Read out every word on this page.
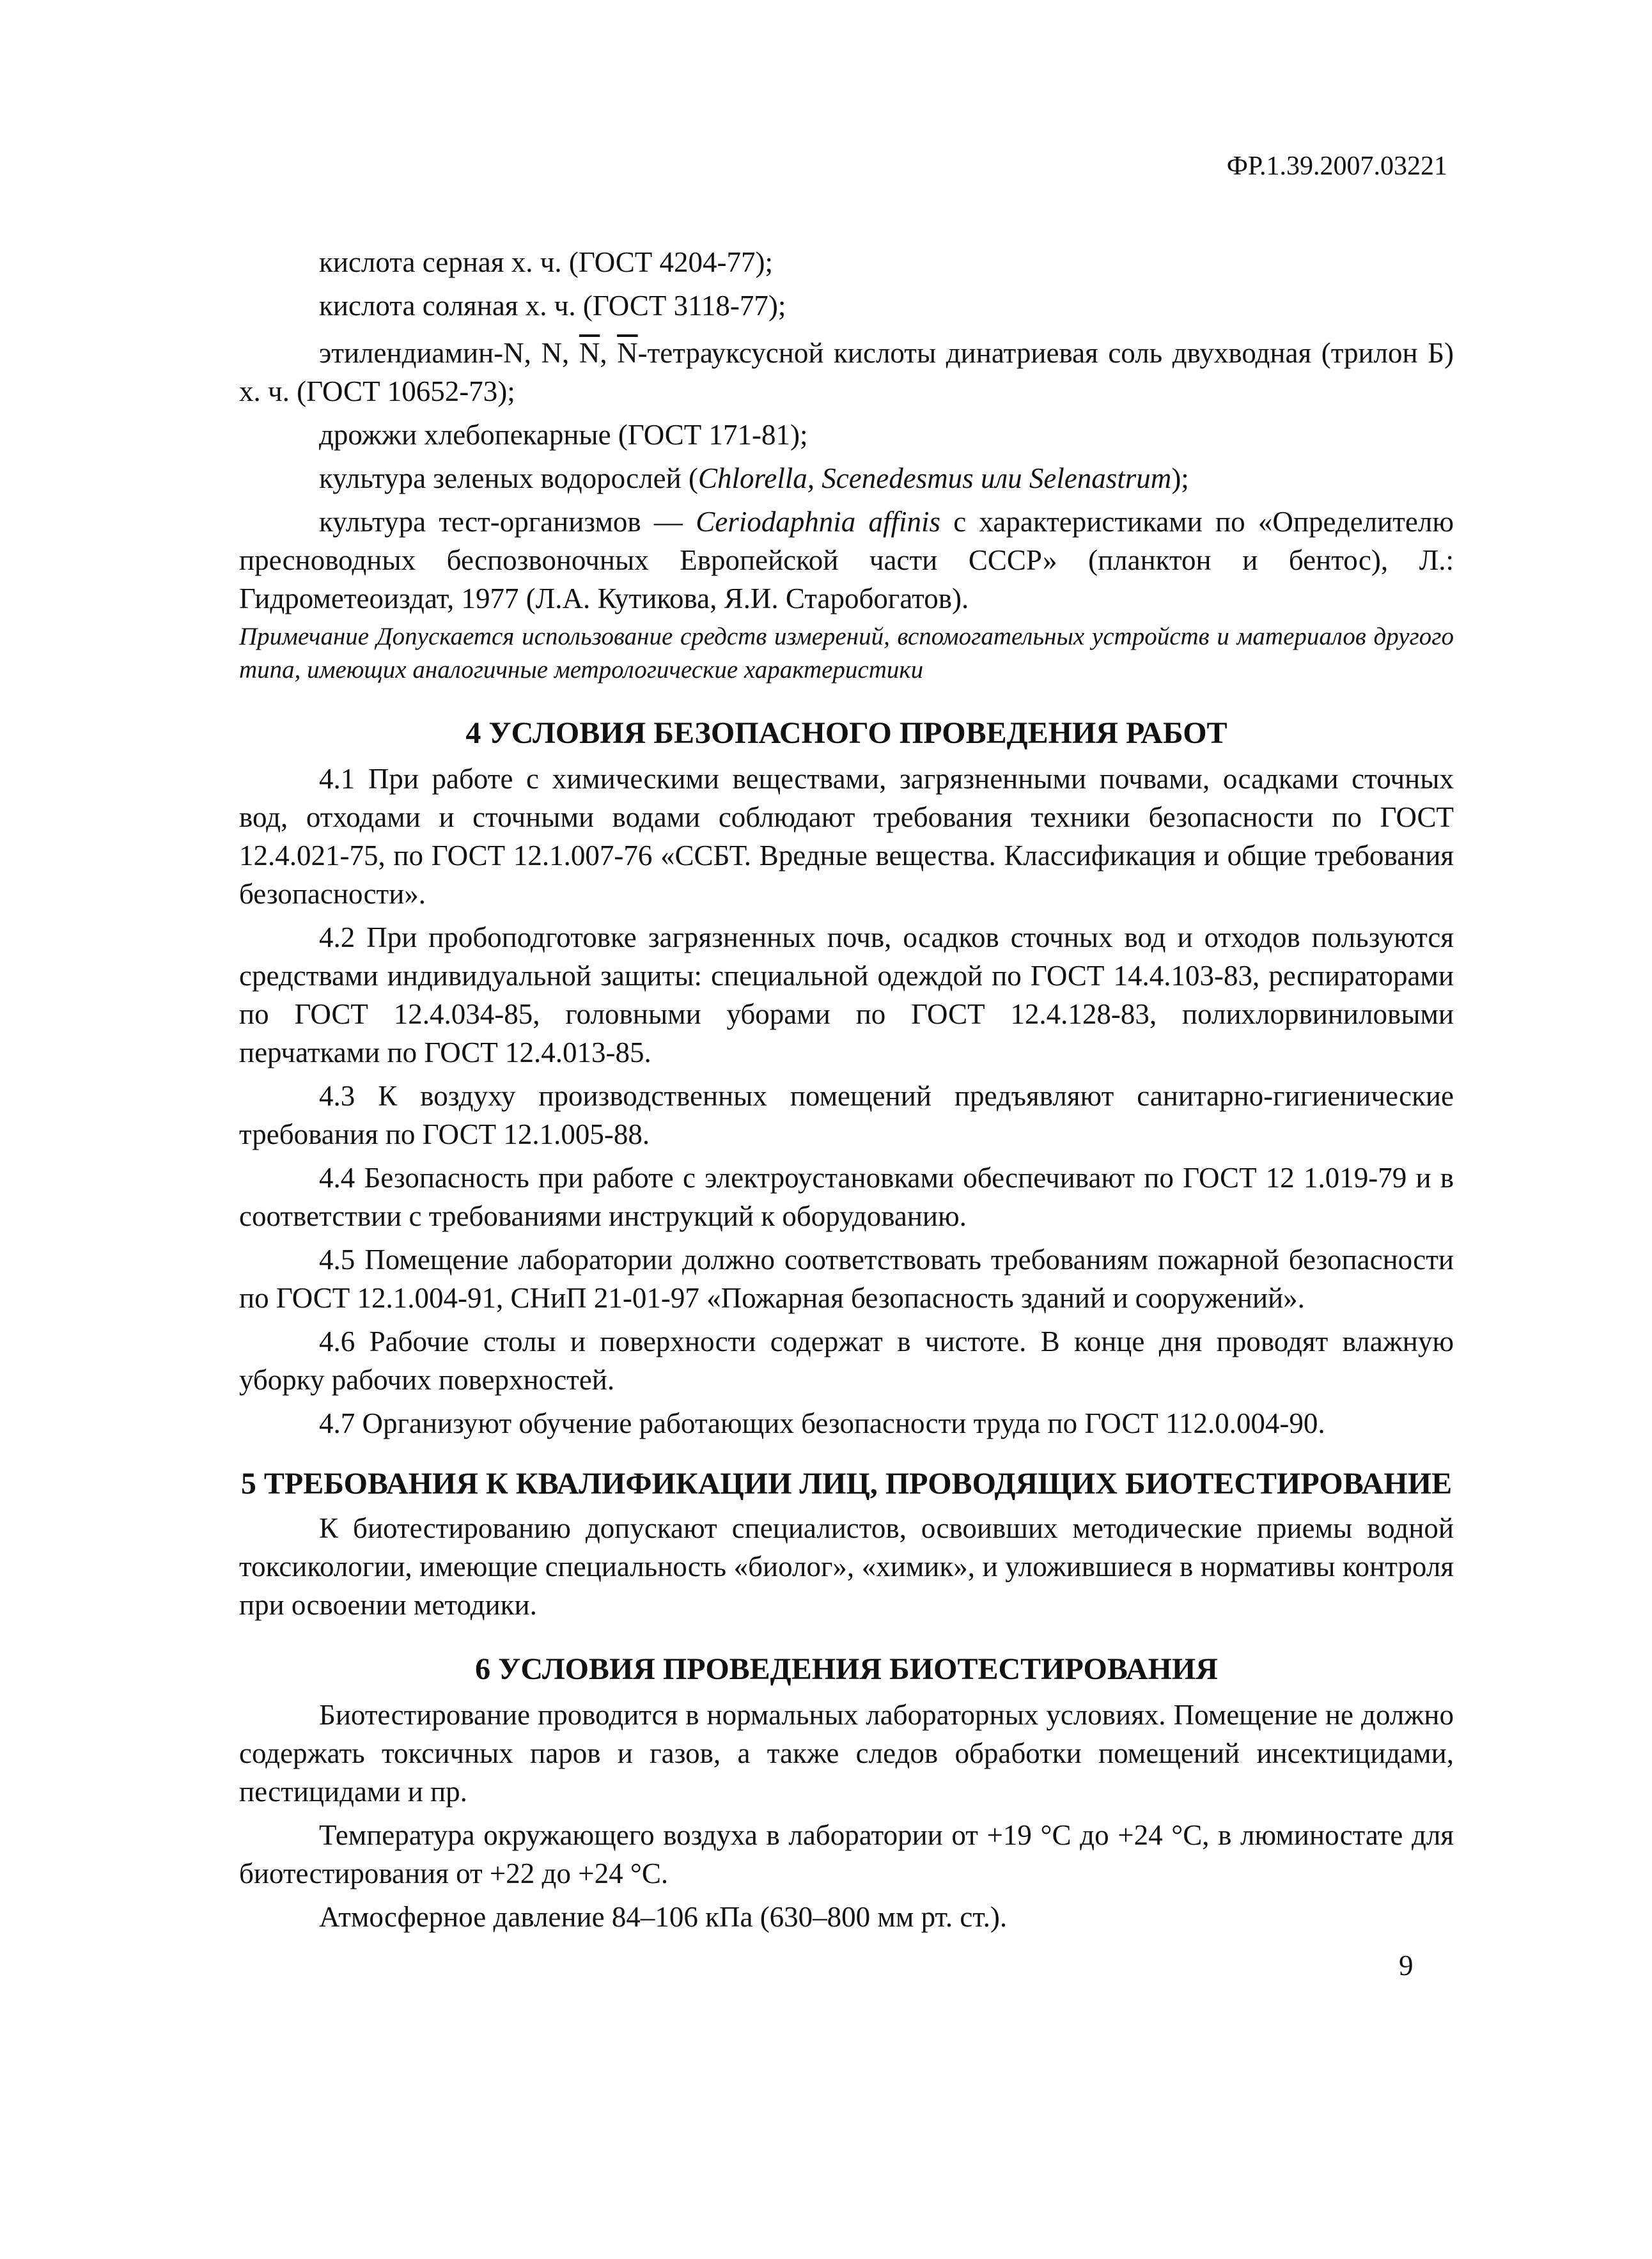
ФР.1.39.2007.03221

кислота серная х. ч. (ГОСТ 4204-77);

кислота соляная х. ч. (ГОСТ 3118-77);

этилендиамин-N, N, $\overline{N}$, $\overline{N}$-тетрауксусной кислоты динатриевая соль двухводная (трилон Б) х. ч. (ГОСТ 10652-73);

дрожжи хлебопекарные (ГОСТ 171-81);

культура зеленых водорослей (Chlorella, Scenedesmus или Selenastrum);

культура тест-организмов — Ceriodaphnia affinis с характеристиками по «Определителю пресноводных беспозвоночных Европейской части СССР» (планктон и бентос), Л.: Гидрометеоиздат, 1977 (Л.А. Кутикова, Я.И. Старобогатов).

Примечание Допускается использование средств измерений, вспомогательных устройств и материалов другого типа, имеющих аналогичные метрологические характеристики

4 УСЛОВИЯ БЕЗОПАСНОГО ПРОВЕДЕНИЯ РАБОТ

4.1 При работе с химическими веществами, загрязненными почвами, осадками сточных вод, отходами и сточными водами соблюдают требования техники безопасности по ГОСТ 12.4.021-75, по ГОСТ 12.1.007-76 «ССБТ. Вредные вещества. Классификация и общие требования безопасности».

4.2 При пробоподготовке загрязненных почв, осадков сточных вод и отходов пользуются средствами индивидуальной защиты: специальной одеждой по ГОСТ 14.4.103-83, респираторами по ГОСТ 12.4.034-85, головными уборами по ГОСТ 12.4.128-83, полихлорвиниловыми перчатками по ГОСТ 12.4.013-85.

4.3 К воздуху производственных помещений предъявляют санитарно-гигиенические требования по ГОСТ 12.1.005-88.

4.4 Безопасность при работе с электроустановками обеспечивают по ГОСТ 12 1.019-79 и в соответствии с требованиями инструкций к оборудованию.

4.5 Помещение лаборатории должно соответствовать требованиям пожарной безопасности по ГОСТ 12.1.004-91, СНиП 21-01-97 «Пожарная безопасность зданий и сооружений».

4.6 Рабочие столы и поверхности содержат в чистоте. В конце дня проводят влажную уборку рабочих поверхностей.

4.7 Организуют обучение работающих безопасности труда по ГОСТ 112.0.004-90.

5 ТРЕБОВАНИЯ К КВАЛИФИКАЦИИ ЛИЦ, ПРОВОДЯЩИХ БИОТЕСТИРОВАНИЕ

К биотестированию допускают специалистов, освоивших методические приемы водной токсикологии, имеющие специальность «биолог», «химик», и уложившиеся в нормативы контроля при освоении методики.

6 УСЛОВИЯ ПРОВЕДЕНИЯ БИОТЕСТИРОВАНИЯ

Биотестирование проводится в нормальных лабораторных условиях. Помещение не должно содержать токсичных паров и газов, а также следов обработки помещений инсектицидами, пестицидами и пр.

Температура окружающего воздуха в лаборатории от +19 °С до +24 °С, в люминостате для биотестирования от +22 до +24 °С.

Атмосферное давление 84–106 кПа (630–800 мм рт. ст.).

9
